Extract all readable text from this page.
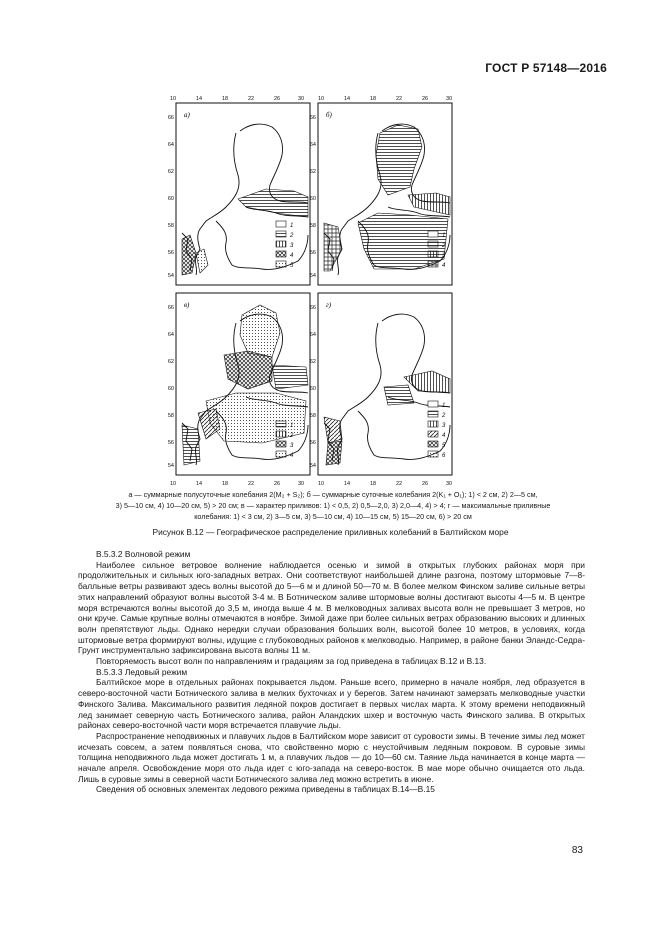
ГОСТ Р 57148—2016
10	14	18	22	26	30	10	14	18	22	26	30
1
2
3
4
5
а)
1
2
3
4
б)
1
2
3
4
в)
1
2
3
4
5
6
г)
66
64
62
60
58
56
54
66
64
62
60
58
56
54
66
64
62
60
58
56
54
66
64
62
60
58
56
54
10	14	18	22	26	30	10	14	18	22	26	30
а — суммарные полусуточные колебания 2(M₂ + S₂); б — суммарные суточные колебания 2(K₁ + O₁); 1) < 2 см, 2) 2—5 см,
3) 5—10 см, 4) 10—20 см, 5) > 20 см; в — характер приливов: 1) < 0,5, 2) 0,5—2,0, 3) 2,0—4, 4) > 4; г — максимальные приливные
колебания: 1) < 3 см, 2) 3—5 см, 3) 5—10 см, 4) 10—15 см, 5) 15—20 см, 6) > 20 см
Рисунок В.12 — Географическое распределение приливных колебаний в Балтийском море

В.5.3.2 Волновой режим

Наиболее сильное ветровое волнение наблюдается осенью и зимой в открытых глубоких районах моря при продолжительных и сильных юго-западных ветрах. Они соответствуют наибольшей длине разгона, поэтому штормовые 7—8-балльные ветры развивают здесь волны высотой до 5—6 м и длиной 50—70 м. В более мелком Финском заливе сильные ветры этих направлений образуют волны высотой 3-4 м. В Ботническом заливе штормовые волны достигают высоты 4—5 м. В центре моря встречаются волны высотой до 3,5 м, иногда выше 4 м. В мелководных заливах высота волн не превышает 3 метров, но они круче. Самые крупные волны отмечаются в ноябре. Зимой даже при более сильных ветрах образованию высоких и длинных волн препятствуют льды. Однако нередки случаи образования больших волн, высотой более 10 метров, в условиях, когда штормовые ветра формируют волны, идущие с глубоководных районов к мелководью. Например, в районе банки Эландс-Седра-Грунт инструментально зафиксирована высота волны 11 м.

Повторяемость высот волн по направлениям и градациям за год приведена в таблицах В.12 и В.13.

В.5.3.3 Ледовый режим

Балтийское море в отдельных районах покрывается льдом. Раньше всего, примерно в начале ноября, лед образуется в северо-восточной части Ботнического залива в мелких бухточках и у берегов. Затем начинают замерзать мелководные участки Финского Залива. Максимального развития ледяной покров достигает в первых числах марта. К этому времени неподвижный лед занимает северную часть Ботнического залива, район Аландских шхер и восточную часть Финского залива. В открытых районах северо-восточной части моря встречается плавучие льды.

Распространение неподвижных и плавучих льдов в Балтийском море зависит от суровости зимы. В течение зимы лед может исчезать совсем, а затем появляться снова, что свойственно морю с неустойчивым ледяным покровом. В суровые зимы толщина неподвижного льда может достигать 1 м, а плавучих льдов — до 10—60 см. Таяние льда начинается в конце марта — начале апреля. Освобождение моря ото льда идет с юго-запада на северо-восток. В мае море обычно очищается ото льда. Лишь в суровые зимы в северной части Ботнического залива лед можно встретить в июне.

Сведения об основных элементах ледового режима приведены в таблицах В.14—В.15

83
